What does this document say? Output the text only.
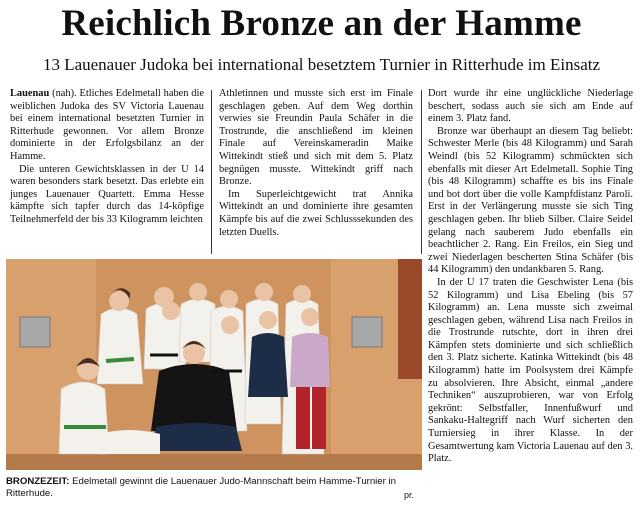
Reichlich Bronze an der Hamme
13 Lauenauer Judoka bei international besetztem Turnier in Ritterhude im Einsatz

Lauenau (nah). Etliches Edelmetall haben die weiblichen Judoka des SV Victoria Lauenau bei einem international besetzten Turnier in Ritterhude gewonnen. Vor allem Bronze dominierte in der Erfolgsbilanz an der Hamme.

Die unteren Gewichtsklassen in der U 14 waren besonders stark besetzt. Das erlebte ein junges Lauenauer Quartett. Emma Hesse kämpfte sich tapfer durch das 14-köpfige Teilnehmerfeld der bis 33 Kilogramm leichten

Athletinnen und musste sich erst im Finale geschlagen geben. Auf dem Weg dorthin verwies sie Freundin Paula Schäfer in die Trostrunde, die anschließend im kleinen Finale auf Vereinskameradin Maike Wittekindt stieß und sich mit dem 5. Platz begnügen musste. Wittekindt griff nach Bronze.

Im Superleichtgewicht trat Annika Wittekindt an und dominierte ihre gesamten Kämpfe bis auf die zwei Schlusssekunden des letzten Duells.

Dort wurde ihr eine unglückliche Niederlage beschert, sodass auch sie sich am Ende auf einem 3. Platz fand.

Bronze war überhaupt an diesem Tag beliebt: Schwester Merle (bis 48 Kilogramm) und Sarah Weindl (bis 52 Kilogramm) schmückten sich ebenfalls mit dieser Art Edelmetall. Sophie Ting (bis 48 Kilogramm) schaffte es bis ins Finale und bot dort über die volle Kampfdistanz Paroli. Erst in der Verlängerung musste sie sich Ting geschlagen geben. Ihr blieb Silber. Claire Seidel gelang nach sauberem Judo ebenfalls ein beachtlicher 2. Rang. Ein Freilos, ein Sieg und zwei Niederlagen bescherten Stina Schäfer (bis 44 Kilogramm) den undankbaren 5. Rang.

In der U 17 traten die Geschwister Lena (bis 52 Kilogramm) und Lisa Ebeling (bis 57 Kilogramm) an. Lena musste sich zweimal geschlagen geben, während Lisa nach Freilos in die Trostrunde rutschte, dort in ihren drei Kämpfen stets dominierte und sich schließlich den 3. Platz sicherte. Katinka Wittekindt (bis 48 Kilogramm) hatte im Poolsystem drei Kämpfe zu absolvieren. Ihre Absicht, einmal „andere Techniken“ auszuprobieren, war von Erfolg gekrönt: Selbstfaller, Innenfußwurf und Sankaku-Haltegriff nach Wurf sicherten den Turniersieg in ihrer Klasse. In der Gesamtwertung kam Victoria Lauenau auf den 3. Platz.

BRONZEZEIT: Edelmetall gewinnt die Lauenauer Judo-Mannschaft beim Hamme-Turnier in Ritterhude.	pr.
